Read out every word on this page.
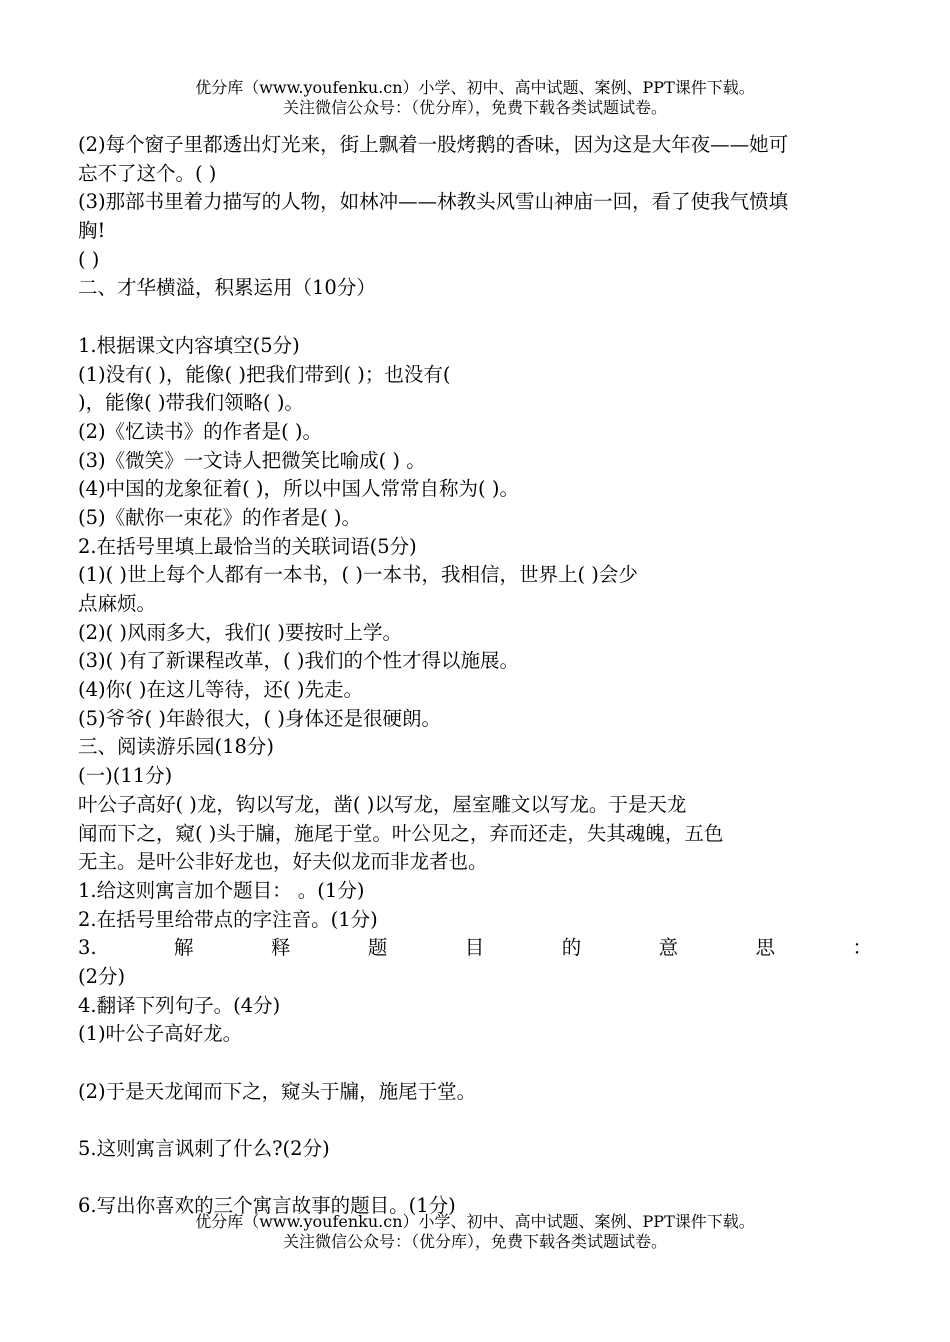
优分库（www.youfenku.cn）小学、初中、高中试题、案例、PPT课件下载。
关注微信公众号：（优分库），免费下载各类试题试卷。
(2)每个窗子里都透出灯光来，街上飘着一股烤鹅的香味，因为这是大年夜——她可
忘不了这个。( )
(3)那部书里着力描写的人物，如林冲——林教头风雪山神庙一回，看了使我气愤填
胸!
( )
二、才华横溢，积累运用（10分）
1.根据课文内容填空(5分)
(1)没有( )，能像( )把我们带到( )；也没有(
)，能像( )带我们领略( )。
(2)《忆读书》的作者是( )。
(3)《微笑》一文诗人把微笑比喻成( ) 。
(4)中国的龙象征着( )，所以中国人常常自称为( )。
(5)《献你一束花》的作者是( )。
2.在括号里填上最恰当的关联词语(5分)
(1)( )世上每个人都有一本书，( )一本书，我相信，世界上( )会少
点麻烦。
(2)( )风雨多大，我们( )要按时上学。
(3)( )有了新课程改革，( )我们的个性才得以施展。
(4)你( )在这儿等待，还( )先走。
(5)爷爷( )年龄很大，( )身体还是很硬朗。
三、阅读游乐园(18分)
(一)(11分)
叶公子高好( )龙，钩以写龙，凿( )以写龙，屋室雕文以写龙。于是天龙
闻而下之，窥( )头于牖，施尾于堂。叶公见之，弃而还走，失其魂魄，五色
无主。是叶公非好龙也，好夫似龙而非龙者也。
1.给这则寓言加个题目： 。(1分)
2.在括号里给带点的字注音。(1分)
3.	解	释	题	目	的	意	思	：
(2分)
4.翻译下列句子。(4分)
(1)叶公子高好龙。
(2)于是天龙闻而下之，窥头于牖，施尾于堂。
5.这则寓言讽刺了什么?(2分)
6.写出你喜欢的三个寓言故事的题目。(1分)
优分库（www.youfenku.cn）小学、初中、高中试题、案例、PPT课件下载。
关注微信公众号：（优分库），免费下载各类试题试卷。
